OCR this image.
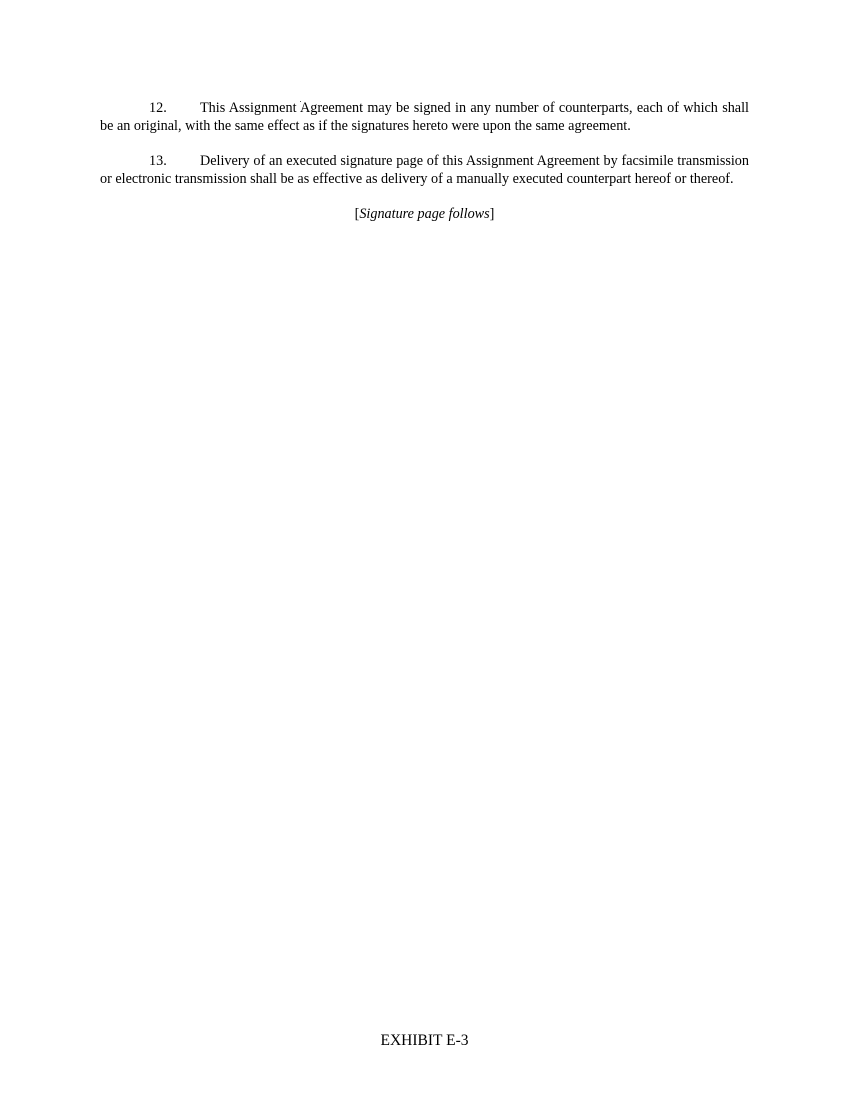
12. This Assignment Agreement may be signed in any number of counterparts, each of which shall be an original, with the same effect as if the signatures hereto were upon the same agreement.

13. Delivery of an executed signature page of this Assignment Agreement by facsimile transmission or electronic transmission shall be as effective as delivery of a manually executed counterpart hereof or thereof.

[Signature page follows]

EXHIBIT E-3
